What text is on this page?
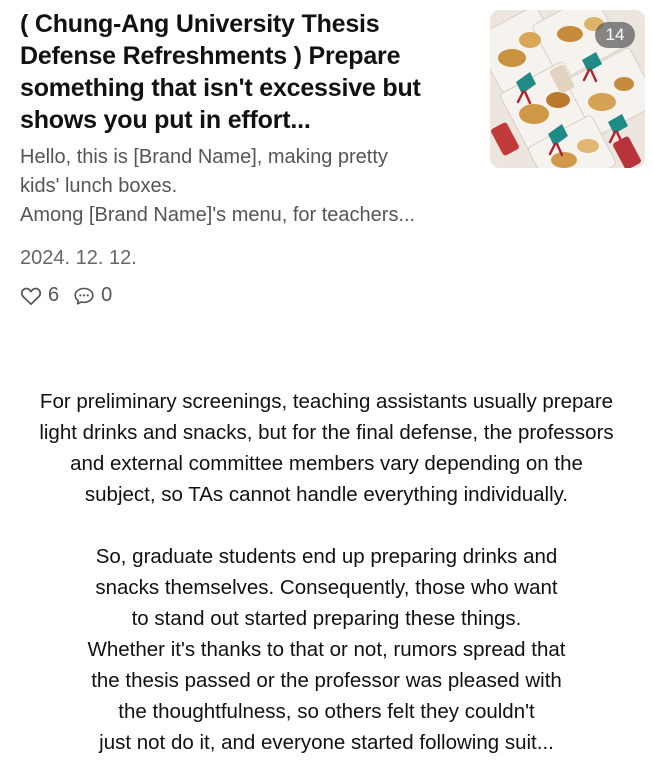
( Chung-Ang University Thesis
Defense Refreshments ) Prepare
something that isn't excessive but
shows you put in effort...
Hello, this is [Brand Name], making pretty
kids' lunch boxes.
Among [Brand Name]'s menu, for teachers...
2024. 12. 12.
6 0
14
For preliminary screenings, teaching assistants usually prepare
light drinks and snacks, but for the final defense, the professors
and external committee members vary depending on the
subject, so TAs cannot handle everything individually.
So, graduate students end up preparing drinks and
snacks themselves. Consequently, those who want
to stand out started preparing these things.
Whether it's thanks to that or not, rumors spread that
the thesis passed or the professor was pleased with
the thoughtfulness, so others felt they couldn't
just not do it, and everyone started following suit...
